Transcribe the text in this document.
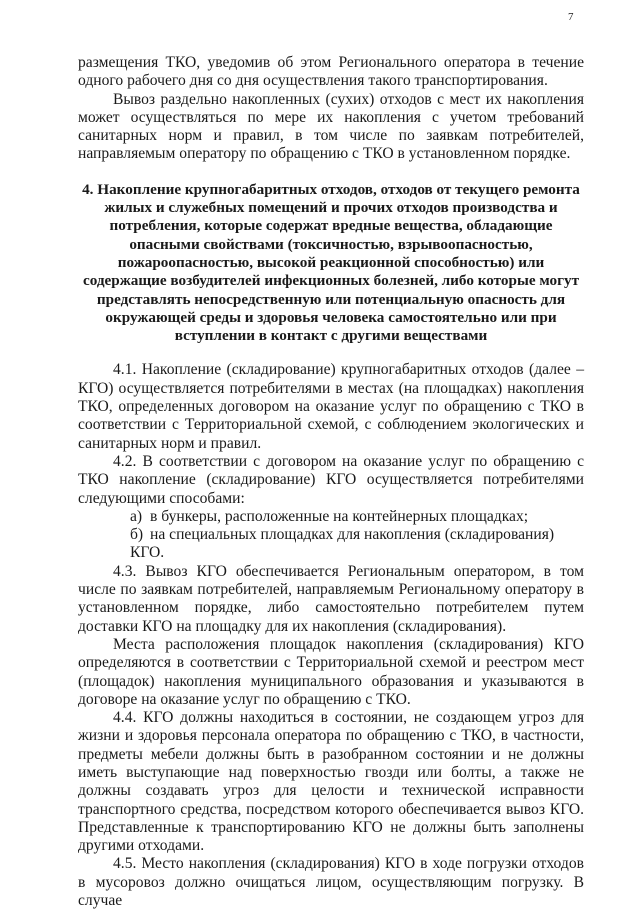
7

размещения ТКО, уведомив об этом Регионального оператора в течение одного рабочего дня со дня осуществления такого транспортирования.

Вывоз раздельно накопленных (сухих) отходов с мест их накопления может осуществляться по мере их накопления с учетом требований санитарных норм и правил, в том числе по заявкам потребителей, направляемым оператору по обращению с ТКО в установленном порядке.

4. Накопление крупногабаритных отходов, отходов от текущего ремонта жилых и служебных помещений и прочих отходов производства и потребления, которые содержат вредные вещества, обладающие опасными свойствами (токсичностью, взрывоопасностью, пожароопасностью, высокой реакционной способностью) или содержащие возбудителей инфекционных болезней, либо которые могут представлять непосредственную или потенциальную опасность для окружающей среды и здоровья человека самостоятельно или при вступлении в контакт с другими веществами

4.1. Накопление (складирование) крупногабаритных отходов (далее – КГО) осуществляется потребителями в местах (на площадках) накопления ТКО, определенных договором на оказание услуг по обращению с ТКО в соответствии с Территориальной схемой, с соблюдением экологических и санитарных норм и правил.

4.2. В соответствии с договором на оказание услуг по обращению с ТКО накопление (складирование) КГО осуществляется потребителями следующими способами:

а) в бункеры, расположенные на контейнерных площадках;

б) на специальных площадках для накопления (складирования) КГО.

4.3. Вывоз КГО обеспечивается Региональным оператором, в том числе по заявкам потребителей, направляемым Региональному оператору в установленном порядке, либо самостоятельно потребителем путем доставки КГО на площадку для их накопления (складирования).

Места расположения площадок накопления (складирования) КГО определяются в соответствии с Территориальной схемой и реестром мест (площадок) накопления муниципального образования и указываются в договоре на оказание услуг по обращению с ТКО.

4.4. КГО должны находиться в состоянии, не создающем угроз для жизни и здоровья персонала оператора по обращению с ТКО, в частности, предметы мебели должны быть в разобранном состоянии и не должны иметь выступающие над поверхностью гвозди или болты, а также не должны создавать угроз для целости и технической исправности транспортного средства, посредством которого обеспечивается вывоз КГО. Представленные к транспортированию КГО не должны быть заполнены другими отходами.

4.5. Место накопления (складирования) КГО в ходе погрузки отходов в мусоровоз должно очищаться лицом, осуществляющим погрузку. В случае
